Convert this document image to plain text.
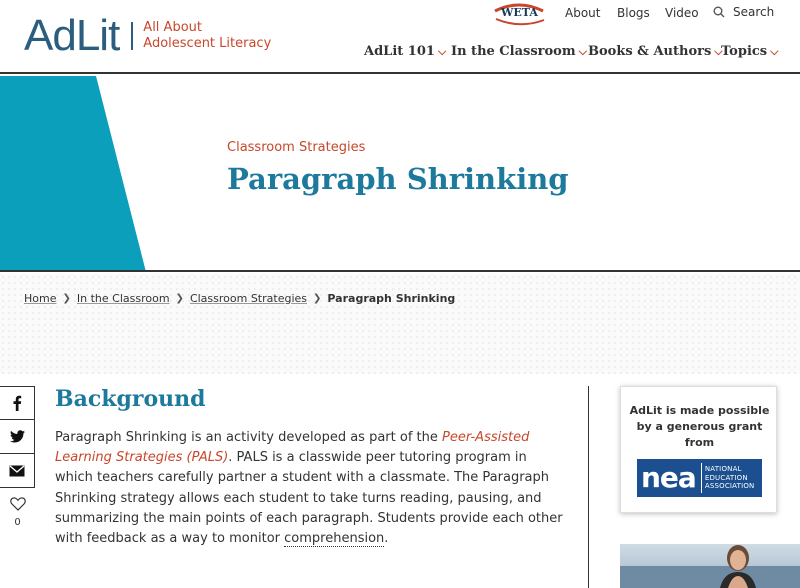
AdLit All About
Adolescent Literacy
WETA About Blogs Video	Search
AdLit 101 ⌵ In the Classroom ⌵ Books & Authors ⌵
Topics ⌵
Classroom Strategies
Paragraph Shrinking
Home ❯ In the Classroom ❯ Classroom Strategies ❯ Paragraph Shrinking
0
Background

Paragraph Shrinking is an activity developed as part of the Peer-Assisted Learning Strategies (PALS). PALS is a classwide peer tutoring program in which teachers carefully partner a student with a classmate. The Paragraph Shrinking strategy allows each student to take turns reading, pausing, and summarizing the main points of each paragraph. Students provide each other with feedback as a way to monitor comprehension.

AdLit is made possible by a generous grant from
nea	NATIONAL
EDUCATION
ASSOCIATION
